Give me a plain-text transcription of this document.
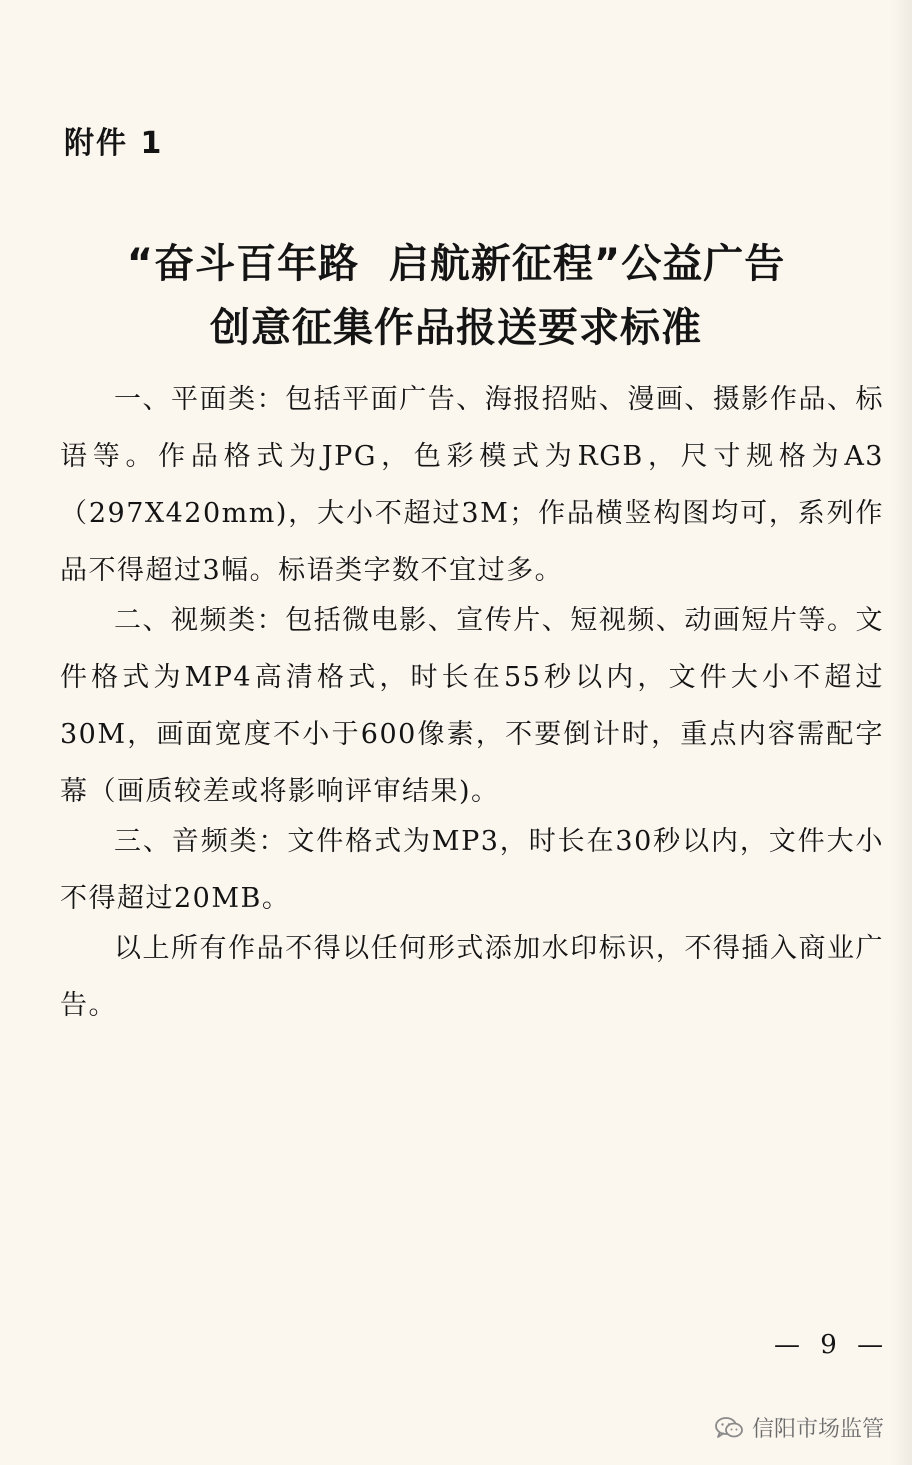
附件 1
“奋斗百年路  启航新征程”公益广告
创意征集作品报送要求标准

一、平面类：包括平面广告、海报招贴、漫画、摄影作品、标语等。作品格式为JPG，色彩模式为RGB，尺寸规格为A3（297X420mm)，大小不超过3M；作品横竖构图均可，系列作品不得超过3幅。标语类字数不宜过多。

二、视频类：包括微电影、宣传片、短视频、动画短片等。文件格式为MP4高清格式，时长在55秒以内，文件大小不超过30M，画面宽度不小于600像素，不要倒计时，重点内容需配字幕（画质较差或将影响评审结果)。

三、音频类：文件格式为MP3，时长在30秒以内，文件大小不得超过20MB。

以上所有作品不得以任何形式添加水印标识，不得插入商业广告。

— 9 —
信阳市场监管
